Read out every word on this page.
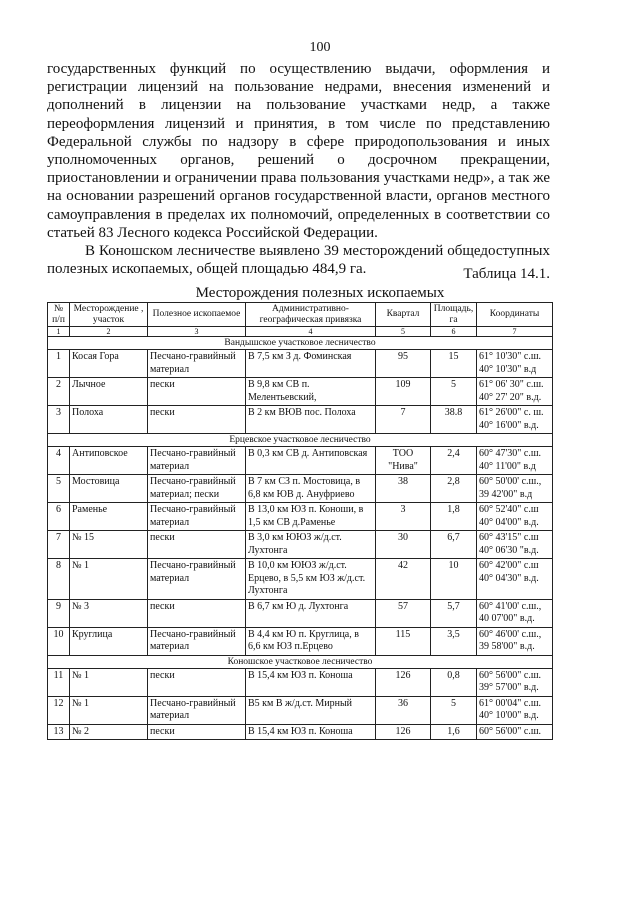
100

государственных функций по осуществлению выдачи, оформления и регистрации лицензий на пользование недрами, внесения изменений и дополнений в лицензии на пользование участками недр, а также переоформления лицензий и принятия, в том числе по представлению Федеральной службы по надзору в сфере природопользования и иных уполномоченных органов, решений о досрочном прекращении, приостановлении и ограничении права пользования участками недр», а так же на основании разрешений органов государственной власти, органов местного самоуправления в пределах их полномочий, определенных в соответствии со статьей 83 Лесного кодекса Российской Федерации.

В Коношском лесничестве выявлено 39 месторождений общедоступных полезных ископаемых, общей площадью 484,9 га.	Таблица 14.1.
Месторождения полезных ископаемых
№ п/п	Месторождение , участок	Полезное ископаемое	Административно-географическая привязка	Квартал	Площадь, га	Координаты
1	2	3	4	5	6	7
Вандышское участковое лесничество						
1	Косая Гора	Песчано-гравийный материал	В 7,5 км З д. Фоминская	95	15	61° 10'30" с.ш. 40° 10'30" в.д
2	Лычное	пески	В 9,8 км СВ п. Мелентьевский,	109	5	61° 06' 30" с.ш. 40° 27' 20" в.д.
3	Полоха	пески	В 2 км ВЮВ пос. Полоха	7	38.8	61° 26'00" с. ш. 40° 16'00" в.д.
Ерцевское участковое лесничество						
4	Антиповское	Песчано-гравийный материал	В 0,3 км СВ д. Антиповская	ТОО "Нива"	2,4	60° 47'30" с.ш. 40° 11'00" в.д
5	Мостовица	Песчано-гравийный материал; пески	В 7 км СЗ п. Мостовица, в 6,8 км ЮВ д. Ануфриево	38	2,8	60° 50'00' с.ш., 39 42'00" в.д
6	Раменье	Песчано-гравийный материал	В 13,0 км ЮЗ п. Коноши, в 1,5 км СВ д.Раменье	3	1,8	60° 52'40" с.ш 40° 04'00" в.д.
7	№ 15	пески	В 3,0 км ЮЮЗ ж/д.ст. Лухтонга	30	6,7	60° 43'15" с.ш 40° 06'30 "в.д.
8	№ 1	Песчано-гравийный материал	В 10,0 км ЮЮЗ ж/д.ст. Ерцево, в 5,5 км ЮЗ ж/д.ст. Лухтонга	42	10	60° 42'00" с.ш 40° 04'30" в.д.
9	№ 3	пески	В 6,7 км Ю д. Лухтонга	57	5,7	60° 41'00' с.ш., 40 07'00" в.д.
10	Круглица	Песчано-гравийный материал	В 4,4 км Ю п. Круглица, в 6,6 км ЮЗ п.Ерцево	115	3,5	60° 46'00' с.ш., 39 58'00" в.д.
Коношское участковое лесничество						
11	№ 1	пески	В 15,4 км ЮЗ п. Коноша	126	0,8	60° 56'00" с.ш. 39° 57'00" в.д.
12	№ 1	Песчано-гравийный материал	В5 км В ж/д.ст. Мирный	36	5	61° 00'04" с.ш. 40° 10'00" в.д.
13	№ 2	пески	В 15,4 км ЮЗ п. Коноша	126	1,6	60° 56'00" с.ш.
